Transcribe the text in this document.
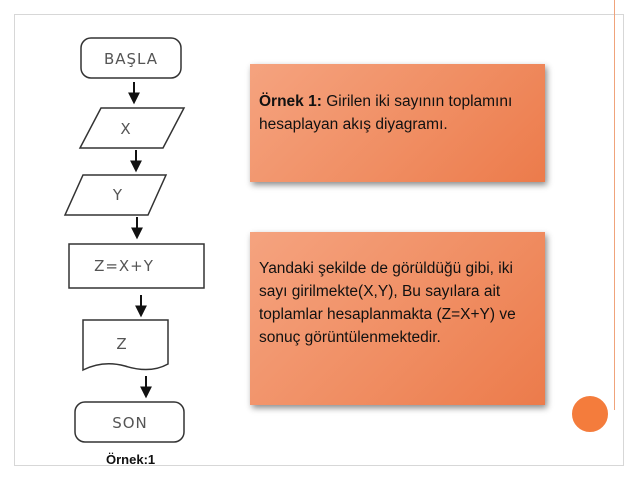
BAŞLA
X
Y
Z=X+Y
Z
SON
Örnek 1: Girilen iki sayının toplamını hesaplayan akış diyagramı.
Yandaki şekilde de görüldüğü gibi, iki sayı girilmekte(X,Y), Bu sayılara ait toplamlar hesaplanmakta (Z=X+Y) ve sonuç görüntülenmektedir.
Örnek:1
